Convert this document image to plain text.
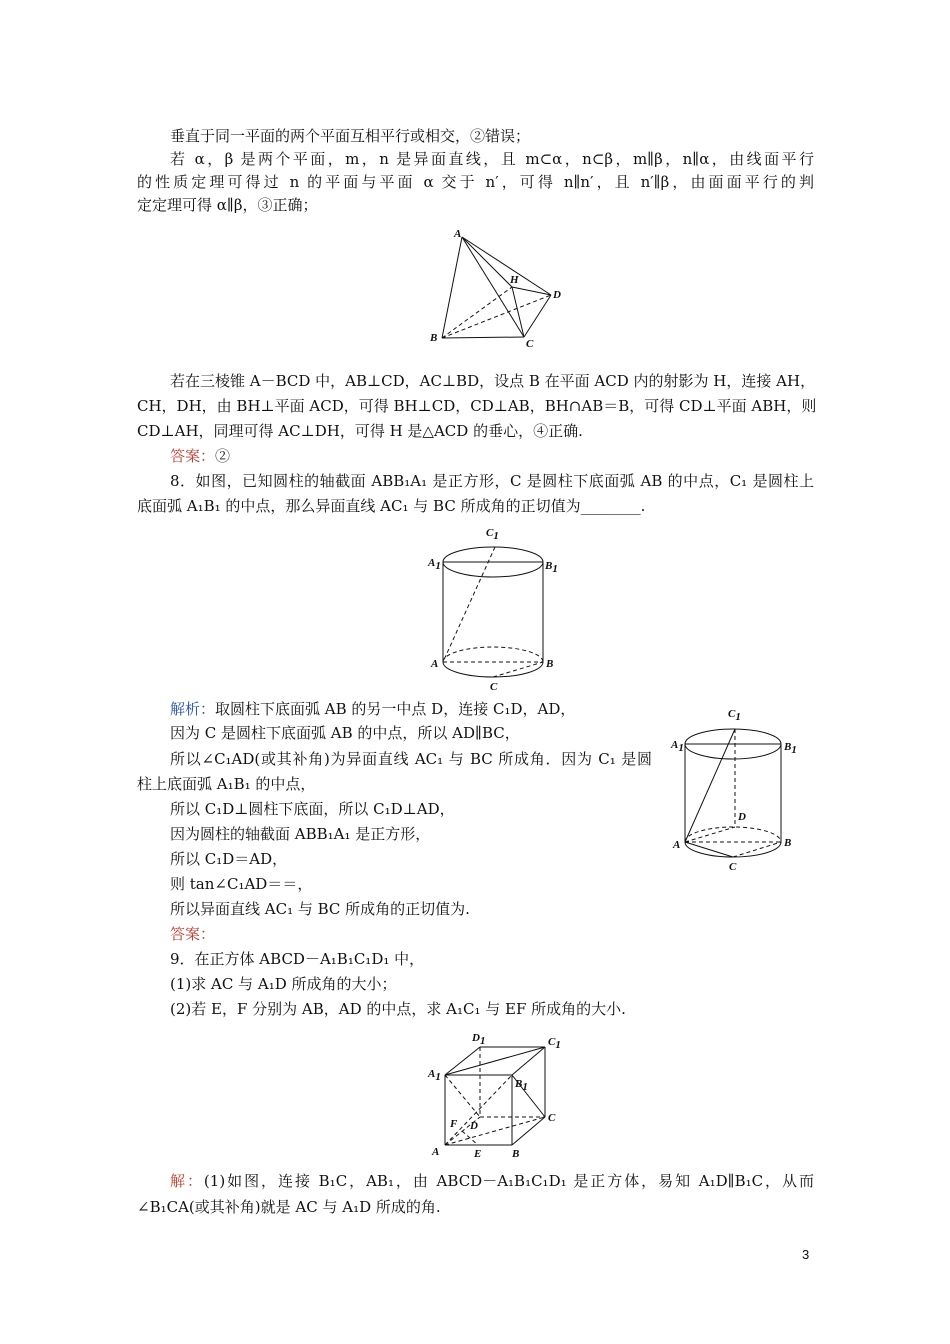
垂直于同一平面的两个平面互相平行或相交，②错误；
若 α，β 是两个平面，m，n 是异面直线，且 m⊂α，n⊂β，m∥β，n∥α，由线面平行
的性质定理可得过 n 的平面与平面 α 交于 n′，可得 n∥n′，且 n′∥β，由面面平行的判
定定理可得 α∥β，③正确；
A
H
D
B	C
若在三棱锥 A－BCD 中，AB⊥CD，AC⊥BD，设点 B 在平面 ACD 内的射影为 H，连接 AH，
CH，DH，由 BH⊥平面 ACD，可得 BH⊥CD，CD⊥AB，BH∩AB＝B，可得 CD⊥平面 ABH，则
CD⊥AH，同理可得 AC⊥DH，可得 H 是△ACD 的垂心，④正确.
答案：②
8．如图，已知圆柱的轴截面 ABB₁A₁ 是正方形，C 是圆柱下底面弧 AB 的中点，C₁ 是圆柱上
底面弧 A₁B₁ 的中点，那么异面直线 AC₁ 与 BC 所成角的正切值为________.
C1
A1	B1
A	B
C
解析：取圆柱下底面弧 AB 的另一中点 D，连接 C₁D，AD，
因为 C 是圆柱下底面弧 AB 的中点，所以 AD∥BC，
所以∠C₁AD(或其补角)为异面直线 AC₁ 与 BC 所成角．因为 C₁ 是圆
柱上底面弧 A₁B₁ 的中点，
所以 C₁D⊥圆柱下底面，所以 C₁D⊥AD，
因为圆柱的轴截面 ABB₁A₁ 是正方形，
所以 C₁D＝AD，
则 tan∠C₁AD＝＝，
所以异面直线 AC₁ 与 BC 所成角的正切值为.
答案：
C1
A1	B1
D
A	B
C
9．在正方体 ABCD－A₁B₁C₁D₁ 中，
(1)求 AC 与 A₁D 所成角的大小；
(2)若 E，F 分别为 AB，AD 的中点，求 A₁C₁ 与 EF 所成角的大小.
D1	C1
A1
B1
F D
C
A	E	B
解：(1)如图，连接 B₁C，AB₁，由 ABCD－A₁B₁C₁D₁ 是正方体，易知 A₁D∥B₁C，从而
∠B₁CA(或其补角)就是 AC 与 A₁D 所成的角.
3
